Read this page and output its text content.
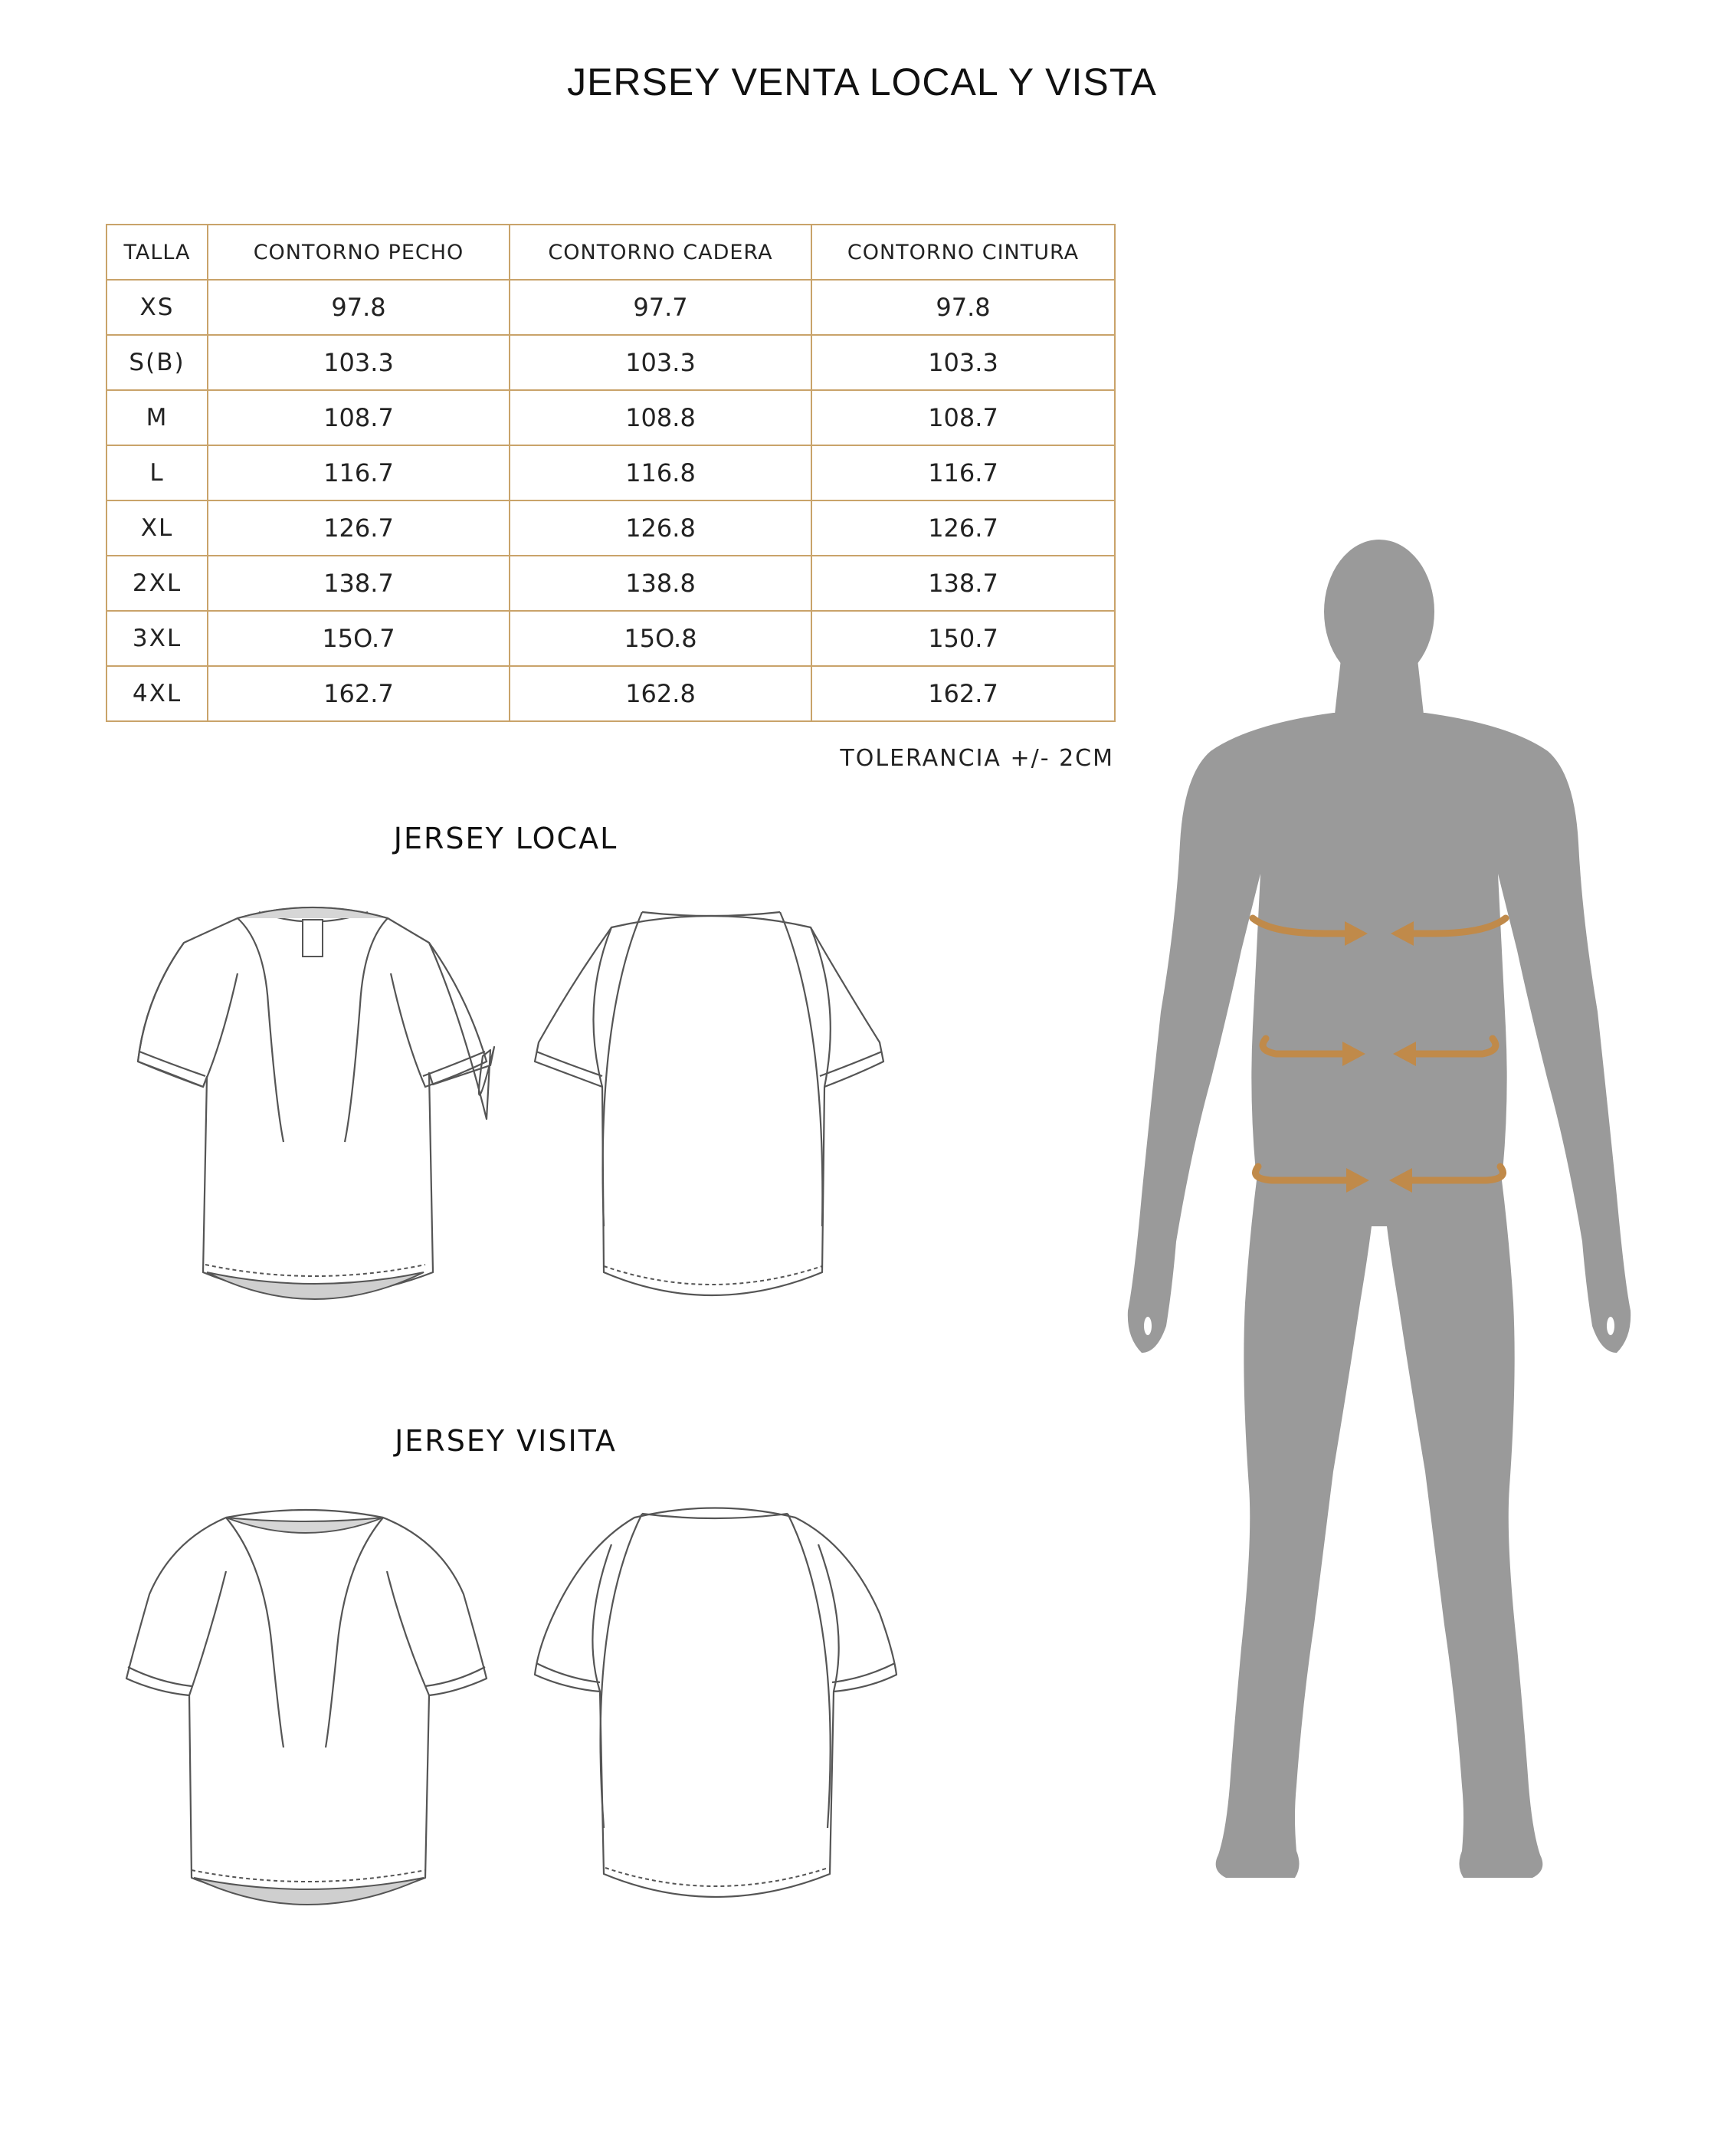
JERSEY VENTA LOCAL Y VISTA
TALLA	CONTORNO PECHO	CONTORNO CADERA	CONTORNO CINTURA
XS	97.8	97.7	97.8
S(B)	103.3	103.3	103.3
M	108.7	108.8	108.7
L	116.7	116.8	116.7
XL	126.7	126.8	126.7
2XL	138.7	138.8	138.7
3XL	15O.7	15O.8	150.7
4XL	162.7	162.8	162.7
TOLERANCIA +/- 2CM
JERSEY LOCAL
JERSEY VISITA
